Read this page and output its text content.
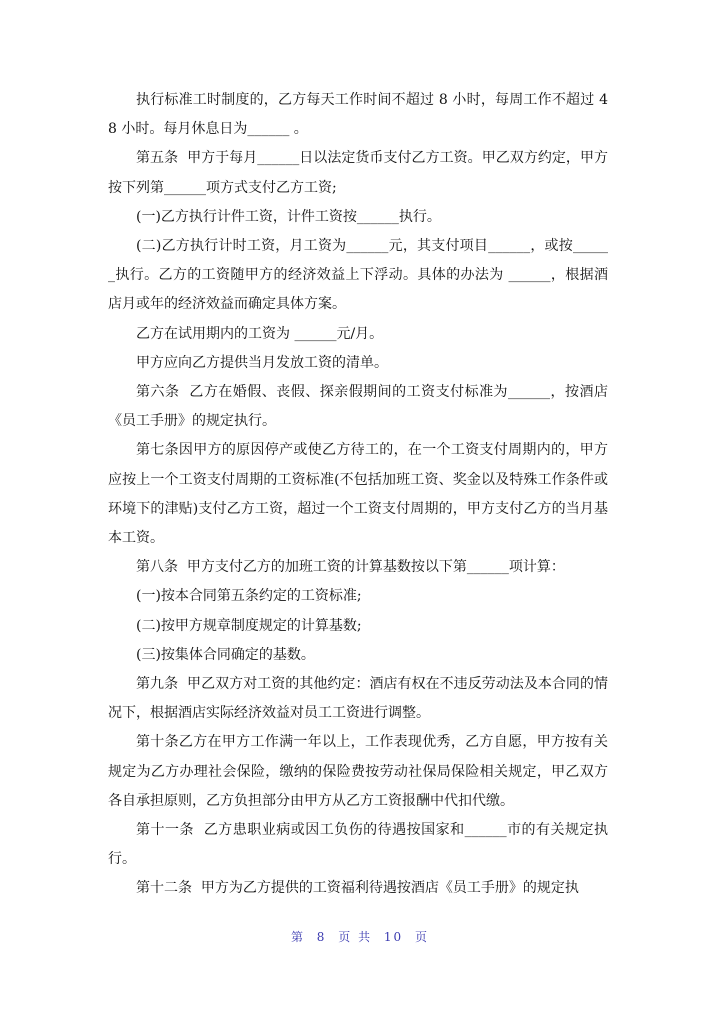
执行标准工时制度的，乙方每天工作时间不超过 8 小时，每周工作不超过 48 小时。每月休息日为______ 。

第五条  甲方于每月______日以法定货币支付乙方工资。甲乙双方约定，甲方按下列第______项方式支付乙方工资;

(一)乙方执行计件工资，计件工资按______执行。

(二)乙方执行计时工资，月工资为______元，其支付项目______，或按______执行。乙方的工资随甲方的经济效益上下浮动。具体的办法为 ______，根据酒店月或年的经济效益而确定具体方案。

乙方在试用期内的工资为 ______元/月。

甲方应向乙方提供当月发放工资的清单。

第六条  乙方在婚假、丧假、探亲假期间的工资支付标准为______，按酒店《员工手册》的规定执行。

第七条因甲方的原因停产或使乙方待工的，在一个工资支付周期内的，甲方应按上一个工资支付周期的工资标准(不包括加班工资、奖金以及特殊工作条件或环境下的津贴)支付乙方工资，超过一个工资支付周期的，甲方支付乙方的当月基本工资。

第八条  甲方支付乙方的加班工资的计算基数按以下第______项计算：

(一)按本合同第五条约定的工资标准;

(二)按甲方规章制度规定的计算基数;

(三)按集体合同确定的基数。

第九条  甲乙双方对工资的其他约定：酒店有权在不违反劳动法及本合同的情况下，根据酒店实际经济效益对员工工资进行调整。

第十条乙方在甲方工作满一年以上，工作表现优秀，乙方自愿，甲方按有关规定为乙方办理社会保险，缴纳的保险费按劳动社保局保险相关规定，甲乙双方各自承担原则，乙方负担部分由甲方从乙方工资报酬中代扣代缴。

第十一条  乙方患职业病或因工负伤的待遇按国家和______市的有关规定执行。

第十二条  甲方为乙方提供的工资福利待遇按酒店《员工手册》的规定执

第 8 页 共 10 页
